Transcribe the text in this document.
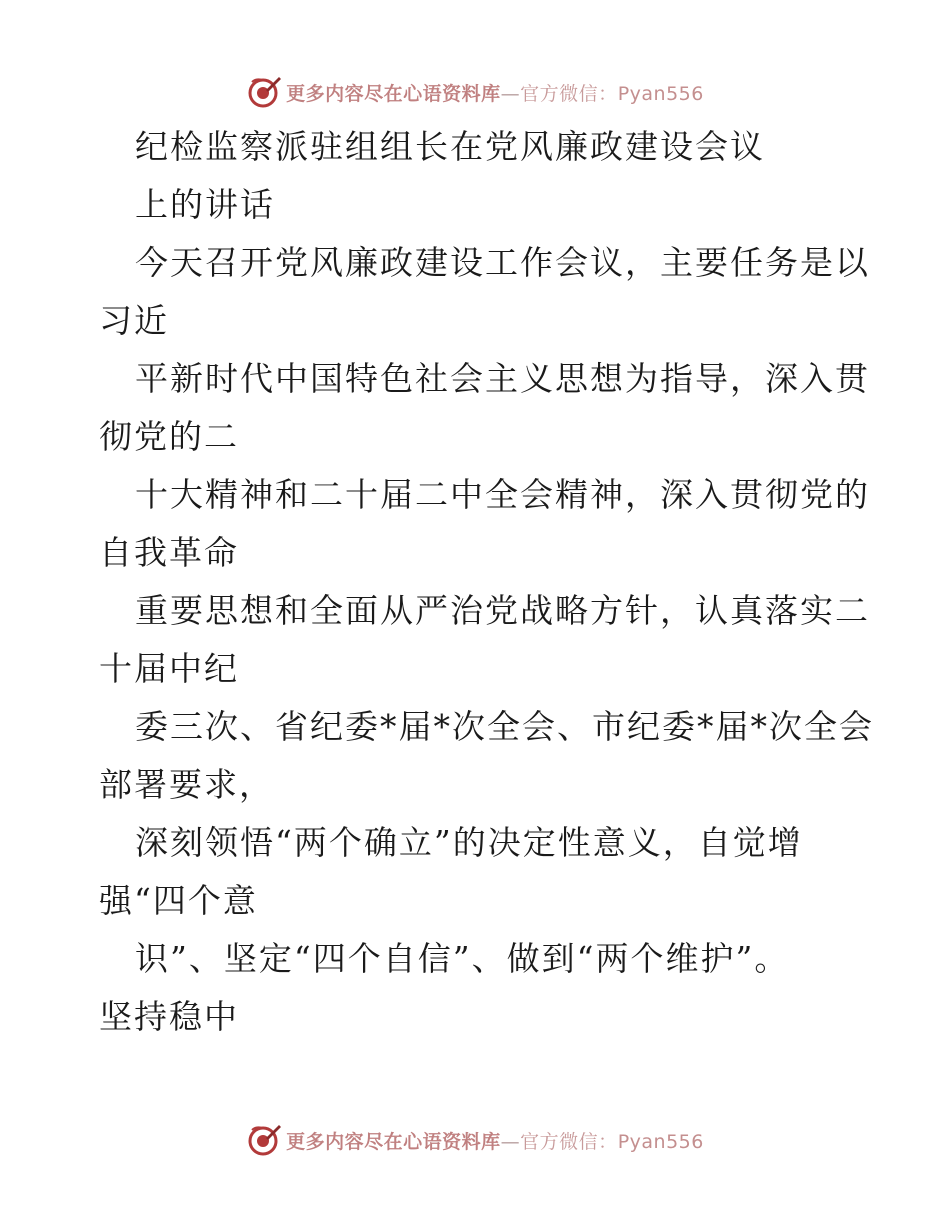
更多内容尽在心语资料库—官方微信：Pyan556
纪检监察派驻组组长在党风廉政建设会议
上的讲话
今天召开党风廉政建设工作会议，主要任务是以
习近
平新时代中国特色社会主义思想为指导，深入贯
彻党的二
十大精神和二十届二中全会精神，深入贯彻党的
自我革命
重要思想和全面从严治党战略方针，认真落实二
十届中纪
委三次、省纪委*届*次全会、市纪委*届*次全会
部署要求，
深刻领悟“两个确立”的决定性意义，自觉增
强“四个意
识”、坚定“四个自信”、做到“两个维护”。
坚持稳中
更多内容尽在心语资料库—官方微信：Pyan556
